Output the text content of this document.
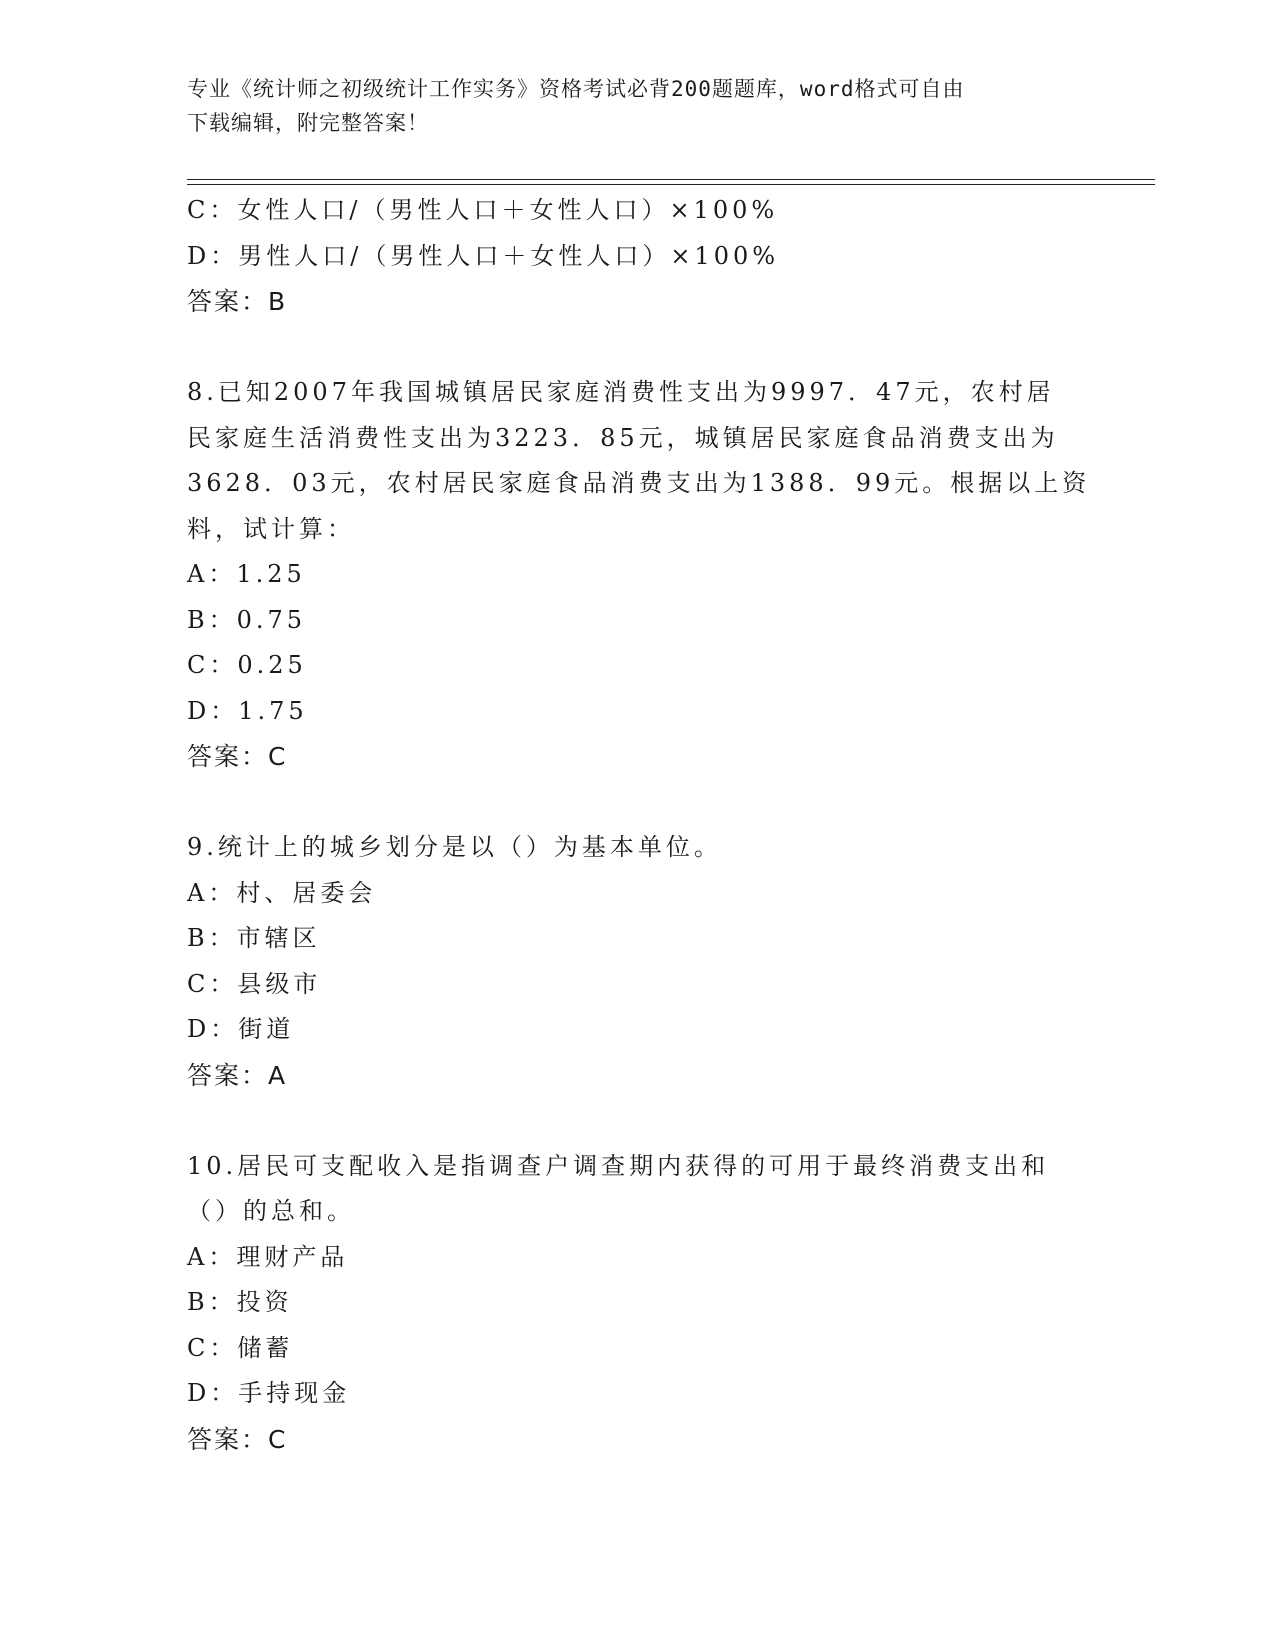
专业《统计师之初级统计工作实务》资格考试必背200题题库，word格式可自由
下载编辑，附完整答案！
C：女性人口/（男性人口＋女性人口）×100%
D：男性人口/（男性人口＋女性人口）×100%
答案：B
8.已知2007年我国城镇居民家庭消费性支出为9997．47元，农村居
民家庭生活消费性支出为3223．85元，城镇居民家庭食品消费支出为
3628．03元，农村居民家庭食品消费支出为1388．99元。根据以上资
料，试计算：
A：1.25
B：0.75
C：0.25
D：1.75
答案：C
9.统计上的城乡划分是以（）为基本单位。
A：村、居委会
B：市辖区
C：县级市
D：街道
答案：A
10.居民可支配收入是指调查户调查期内获得的可用于最终消费支出和
（）的总和。
A：理财产品
B：投资
C：储蓄
D：手持现金
答案：C
